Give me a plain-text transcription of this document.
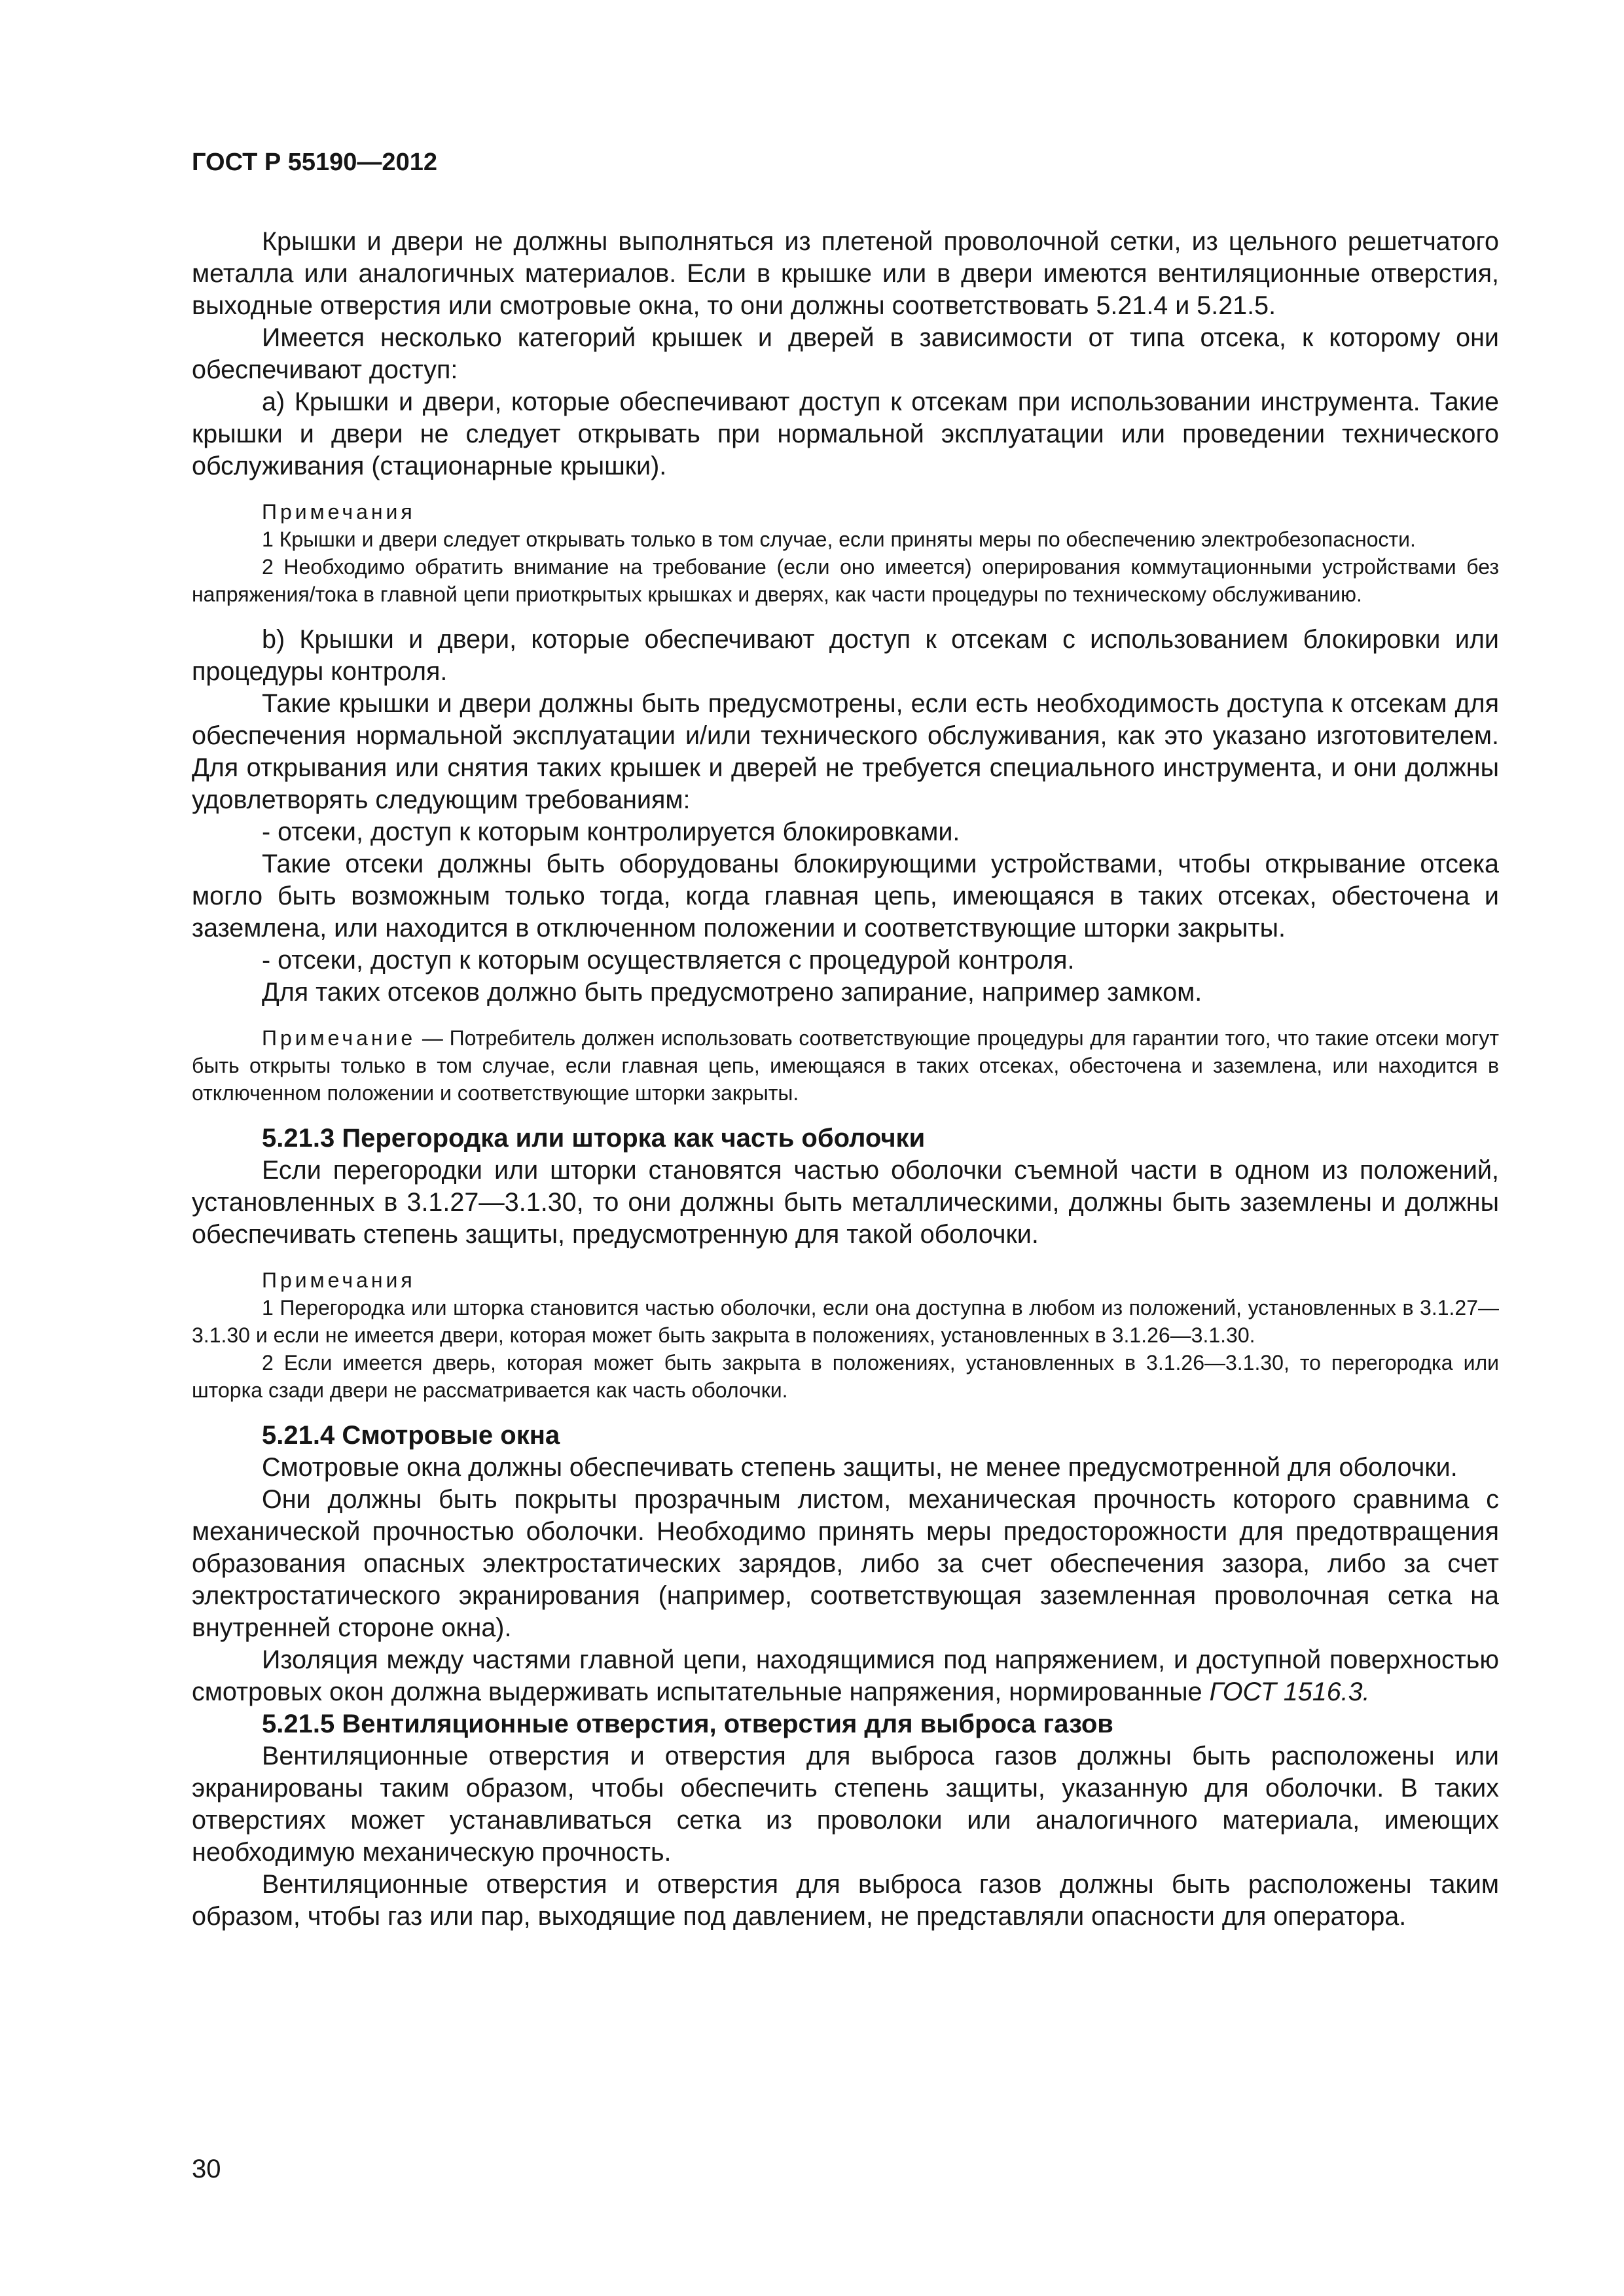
ГОСТ Р 55190—2012

Крышки и двери не должны выполняться из плетеной проволочной сетки, из цельного решетчатого металла или аналогичных материалов. Если в крышке или в двери имеются вентиляционные отверстия, выходные отверстия или смотровые окна, то они должны соответствовать 5.21.4 и 5.21.5.

Имеется несколько категорий крышек и дверей в зависимости от типа отсека, к которому они обеспечивают доступ:

a) Крышки и двери, которые обеспечивают доступ к отсекам при использовании инструмента. Такие крышки и двери не следует открывать при нормальной эксплуатации или проведении технического обслуживания (стационарные крышки).

Примечания

1 Крышки и двери следует открывать только в том случае, если приняты меры по обеспечению электробезопасности.

2 Необходимо обратить внимание на требование (если оно имеется) оперирования коммутационными устройствами без напряжения/тока в главной цепи приоткрытых крышках и дверях, как части процедуры по техническому обслуживанию.

b) Крышки и двери, которые обеспечивают доступ к отсекам с использованием блокировки или процедуры контроля.

Такие крышки и двери должны быть предусмотрены, если есть необходимость доступа к отсекам для обеспечения нормальной эксплуатации и/или технического обслуживания, как это указано изготовителем. Для открывания или снятия таких крышек и дверей не требуется специального инструмента, и они должны удовлетворять следующим требованиям:

- отсеки, доступ к которым контролируется блокировками.

Такие отсеки должны быть оборудованы блокирующими устройствами, чтобы открывание отсека могло быть возможным только тогда, когда главная цепь, имеющаяся в таких отсеках, обесточена и заземлена, или находится в отключенном положении и соответствующие шторки закрыты.

- отсеки, доступ к которым осуществляется с процедурой контроля.

Для таких отсеков должно быть предусмотрено запирание, например замком.

Примечание — Потребитель должен использовать соответствующие процедуры для гарантии того, что такие отсеки могут быть открыты только в том случае, если главная цепь, имеющаяся в таких отсеках, обесточена и заземлена, или находится в отключенном положении и соответствующие шторки закрыты.

5.21.3 Перегородка или шторка как часть оболочки

Если перегородки или шторки становятся частью оболочки съемной части в одном из положений, установленных в 3.1.27—3.1.30, то они должны быть металлическими, должны быть заземлены и должны обеспечивать степень защиты, предусмотренную для такой оболочки.

Примечания

1 Перегородка или шторка становится частью оболочки, если она доступна в любом из положений, установленных в 3.1.27—3.1.30 и если не имеется двери, которая может быть закрыта в положениях, установленных в 3.1.26—3.1.30.

2 Если имеется дверь, которая может быть закрыта в положениях, установленных в 3.1.26—3.1.30, то перегородка или шторка сзади двери не рассматривается как часть оболочки.

5.21.4 Смотровые окна

Смотровые окна должны обеспечивать степень защиты, не менее предусмотренной для оболочки.

Они должны быть покрыты прозрачным листом, механическая прочность которого сравнима с механической прочностью оболочки. Необходимо принять меры предосторожности для предотвращения образования опасных электростатических зарядов, либо за счет обеспечения зазора, либо за счет электростатического экранирования (например, соответствующая заземленная проволочная сетка на внутренней стороне окна).

Изоляция между частями главной цепи, находящимися под напряжением, и доступной поверхностью смотровых окон должна выдерживать испытательные напряжения, нормированные ГОСТ 1516.3.

5.21.5 Вентиляционные отверстия, отверстия для выброса газов

Вентиляционные отверстия и отверстия для выброса газов должны быть расположены или экранированы таким образом, чтобы обеспечить степень защиты, указанную для оболочки. В таких отверстиях может устанавливаться сетка из проволоки или аналогичного материала, имеющих необходимую механическую прочность.

Вентиляционные отверстия и отверстия для выброса газов должны быть расположены таким образом, чтобы газ или пар, выходящие под давлением, не представляли опасности для оператора.

30
